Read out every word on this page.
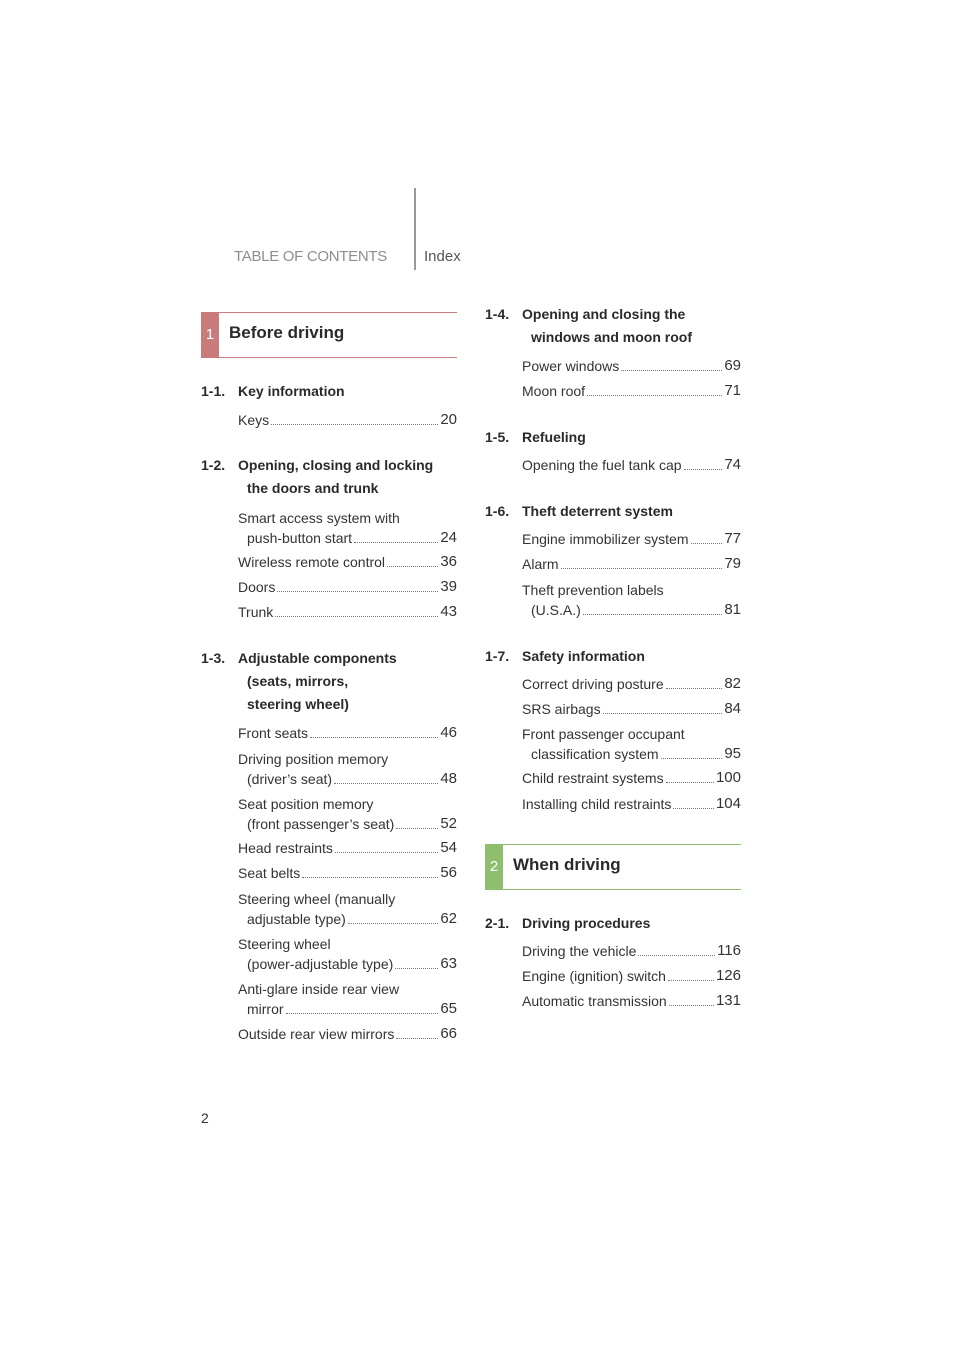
TABLE OF CONTENTS Index
1 Before driving
1-1. Key information
Keys	20
1-2. Opening, closing and locking
the doors and trunk
Smart access system with
push-button start	24
Wireless remote control	36
Doors	39
Trunk	43
1-3. Adjustable components
(seats, mirrors,
steering wheel)
Front seats	46
Driving position memory
(driver’s seat)	48
Seat position memory
(front passenger’s seat)	52
Head restraints	54
Seat belts	56
Steering wheel (manually
adjustable type)	62
Steering wheel
(power-adjustable type)	63
Anti-glare inside rear view
mirror	65
Outside rear view mirrors	66
1-4. Opening and closing the
windows and moon roof
Power windows	69
Moon roof	71
1-5. Refueling
Opening the fuel tank cap	74
1-6. Theft deterrent system
Engine immobilizer system 77
Alarm	79
Theft prevention labels
(U.S.A.)	81
1-7. Safety information
Correct driving posture	82
SRS airbags	84
Front passenger occupant
classification system	95
Child restraint systems	100
Installing child restraints	104
2 When driving
2-1. Driving procedures
Driving the vehicle	116
Engine (ignition) switch	126
Automatic transmission	131
2
